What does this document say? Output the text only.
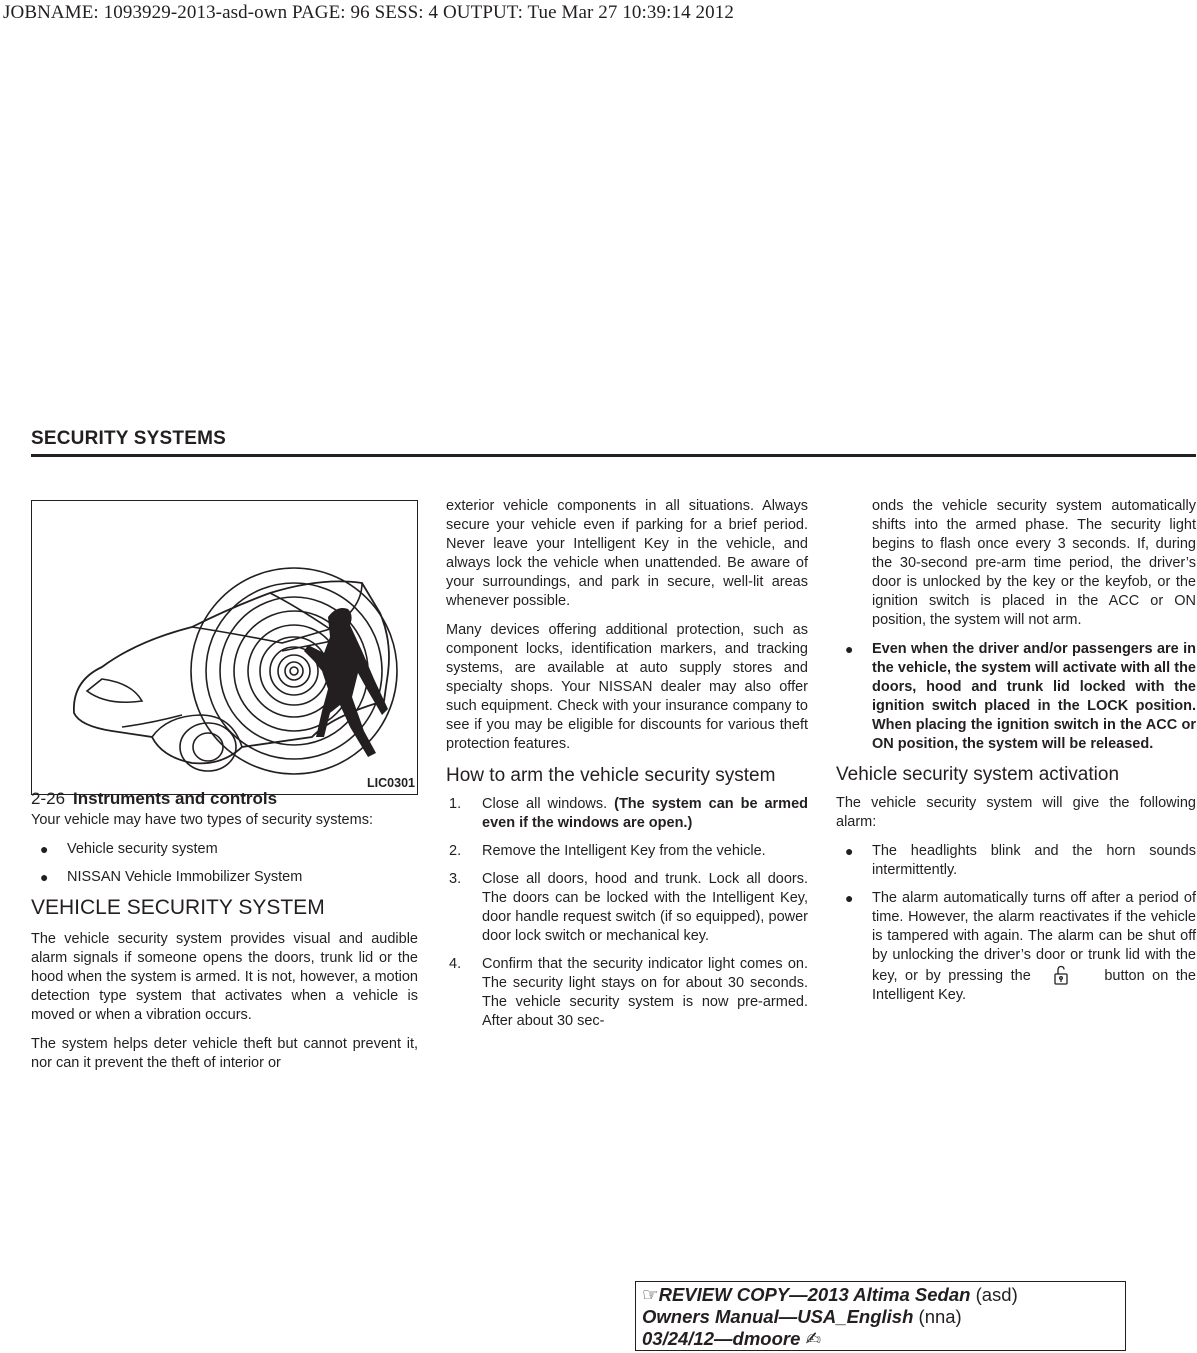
JOBNAME: 1093929-2013-asd-own PAGE: 96 SESS: 4 OUTPUT: Tue Mar 27 10:39:14 2012
SECURITY SYSTEMS
LIC0301

Your vehicle may have two types of security systems:

● Vehicle security system
● NISSAN Vehicle Immobilizer System
VEHICLE SECURITY SYSTEM

The vehicle security system provides visual and audible alarm signals if someone opens the doors, trunk lid or the hood when the system is armed. It is not, however, a motion detection type system that activates when a vehicle is moved or when a vibration occurs.

The system helps deter vehicle theft but cannot prevent it, nor can it prevent the theft of interior or

exterior vehicle components in all situations. Always secure your vehicle even if parking for a brief period. Never leave your Intelligent Key in the vehicle, and always lock the vehicle when unattended. Be aware of your surroundings, and park in secure, well-lit areas whenever possible.

Many devices offering additional protection, such as component locks, identification markers, and tracking systems, are available at auto supply stores and specialty shops. Your NISSAN dealer may also offer such equipment. Check with your insurance company to see if you may be eligible for discounts for various theft protection features.

How to arm the vehicle security system
1. Close all windows. (The system can be armed even if the windows are open.)
2. Remove the Intelligent Key from the vehicle.
3. Close all doors, hood and trunk. Lock all doors. The doors can be locked with the Intelligent Key, door handle request switch (if so equipped), power door lock switch or mechanical key.
4. Confirm that the security indicator light comes on. The security light stays on for about 30 seconds. The vehicle security system is now pre-armed. After about 30 sec-
onds the vehicle security system automatically shifts into the armed phase. The security light begins to flash once every 3 seconds. If, during the 30-second pre-arm time period, the driver’s door is unlocked by the key or the keyfob, or the ignition switch is placed in the ACC or ON position, the system will not arm.
● Even when the driver and/or passengers are in the vehicle, the system will activate with all the doors, hood and trunk lid locked with the ignition switch placed in the LOCK position. When placing the ignition switch in the ACC or ON position, the system will be released.
Vehicle security system activation

The vehicle security system will give the following alarm:

● The headlights blink and the horn sounds intermittently.
● The alarm automatically turns off after a period of time. However, the alarm reactivates if the vehicle is tampered with again. The alarm can be shut off by unlocking the driver’s door or trunk lid with the key, or by pressing the	button on the Intelligent Key.
2-26 Instruments and controls
☞REVIEW COPY—2013 Altima Sedan (asd)
Owners Manual—USA_English (nna)
03/24/12—dmoore ✍
